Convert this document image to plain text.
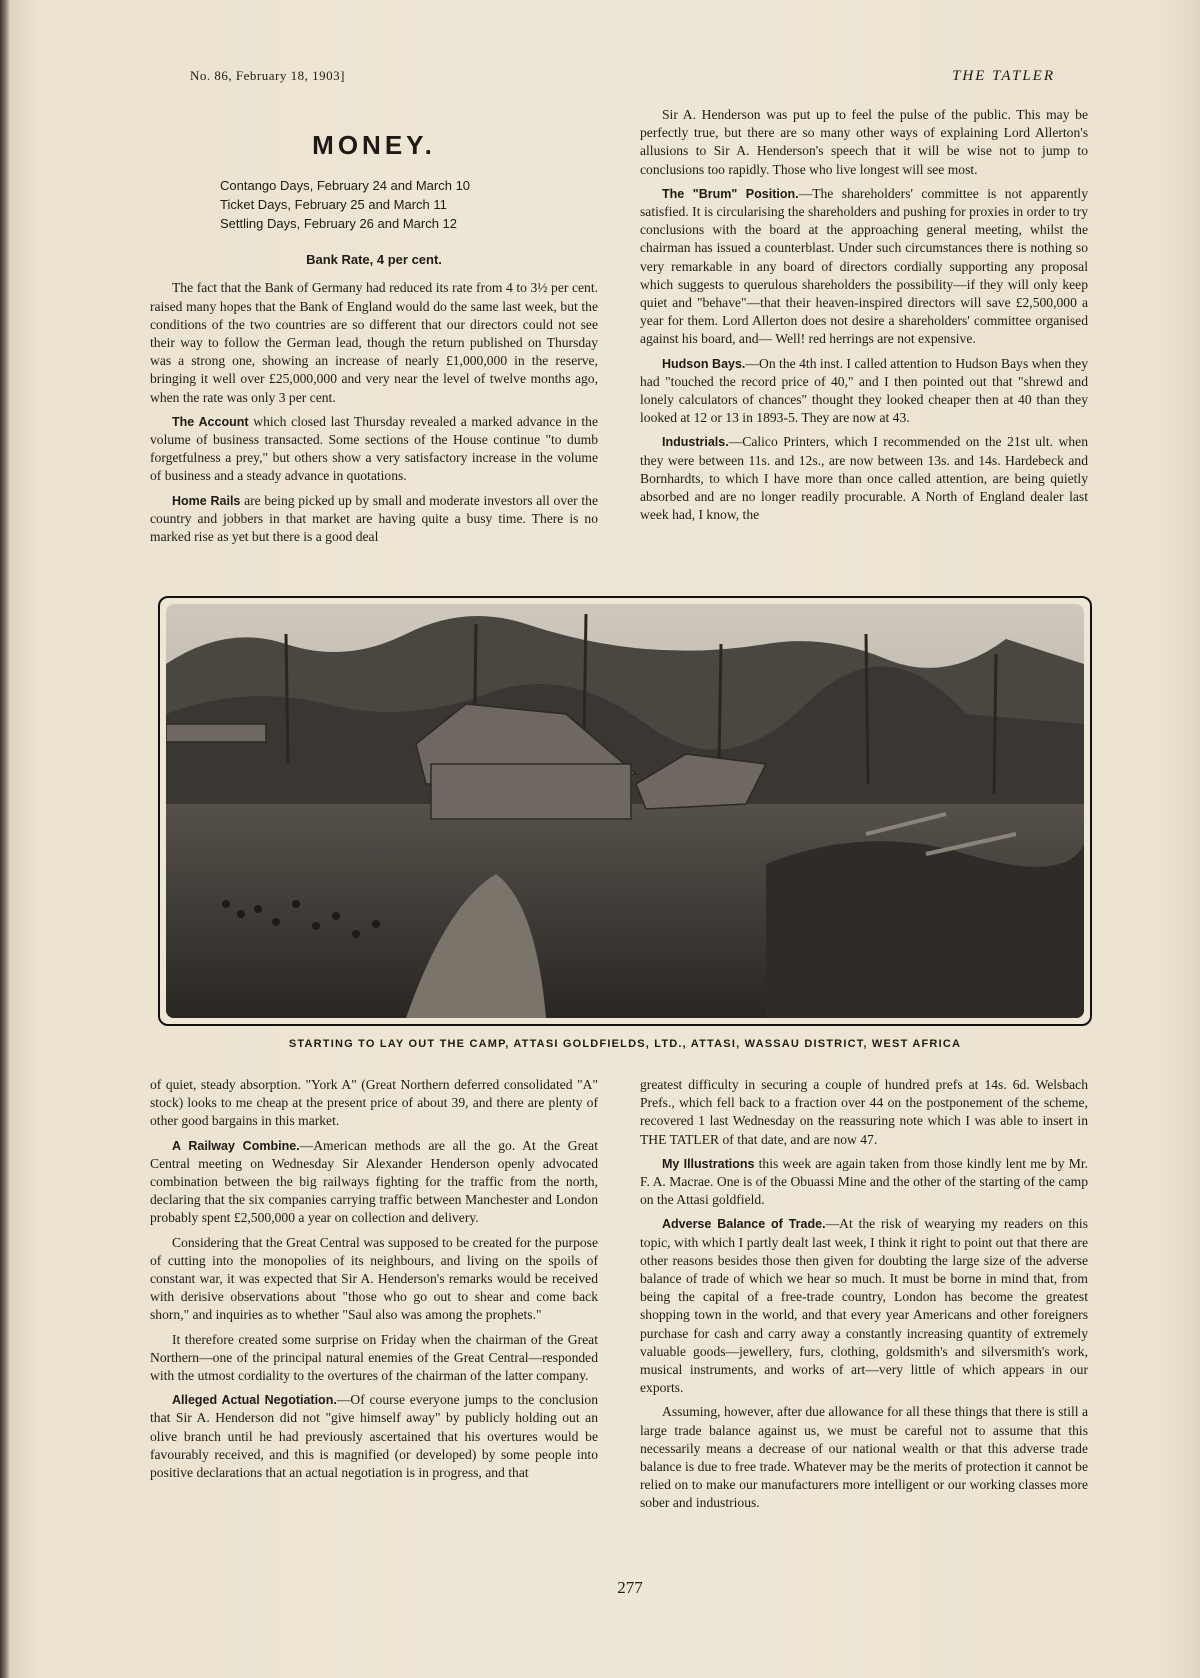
No. 86, February 18, 1903]	THE TATLER
MONEY.
Contango Days, February 24 and March 10
Ticket Days, February 25 and March 11
Settling Days, February 26 and March 12
Bank Rate, 4 per cent.

The fact that the Bank of Germany had reduced its rate from 4 to 3½ per cent. raised many hopes that the Bank of England would do the same last week, but the conditions of the two countries are so different that our directors could not see their way to follow the German lead, though the return published on Thursday was a strong one, showing an increase of nearly £1,000,000 in the reserve, bringing it well over £25,000,000 and very near the level of twelve months ago, when the rate was only 3 per cent.

The Account which closed last Thursday revealed a marked advance in the volume of business transacted. Some sections of the House continue "to dumb forgetfulness a prey," but others show a very satisfactory increase in the volume of business and a steady advance in quotations.

Home Rails are being picked up by small and moderate investors all over the country and jobbers in that market are having quite a busy time. There is no marked rise as yet but there is a good deal

Sir A. Henderson was put up to feel the pulse of the public. This may be perfectly true, but there are so many other ways of explaining Lord Allerton's allusions to Sir A. Henderson's speech that it will be wise not to jump to conclusions too rapidly. Those who live longest will see most.

The "Brum" Position.—The shareholders' committee is not apparently satisfied. It is circularising the shareholders and pushing for proxies in order to try conclusions with the board at the approaching general meeting, whilst the chairman has issued a counterblast. Under such circumstances there is nothing so very remarkable in any board of directors cordially supporting any proposal which suggests to querulous shareholders the possibility—if they will only keep quiet and "behave"—that their heaven-inspired directors will save £2,500,000 a year for them. Lord Allerton does not desire a shareholders' committee organised against his board, and— Well! red herrings are not expensive.

Hudson Bays.—On the 4th inst. I called attention to Hudson Bays when they had "touched the record price of 40," and I then pointed out that "shrewd and lonely calculators of chances" thought they looked cheaper then at 40 than they looked at 12 or 13 in 1893-5. They are now at 43.

Industrials.—Calico Printers, which I recommended on the 21st ult. when they were between 11s. and 12s., are now between 13s. and 14s. Hardebeck and Bornhardts, to which I have more than once called attention, are being quietly absorbed and are no longer readily procurable. A North of England dealer last week had, I know, the

STARTING TO LAY OUT THE CAMP, ATTASI GOLDFIELDS, LTD., ATTASI, WASSAU DISTRICT, WEST AFRICA

of quiet, steady absorption. "York A" (Great Northern deferred consolidated "A" stock) looks to me cheap at the present price of about 39, and there are plenty of other good bargains in this market.

A Railway Combine.—American methods are all the go. At the Great Central meeting on Wednesday Sir Alexander Henderson openly advocated combination between the big railways fighting for the traffic from the north, declaring that the six companies carrying traffic between Manchester and London probably spent £2,500,000 a year on collection and delivery.

Considering that the Great Central was supposed to be created for the purpose of cutting into the monopolies of its neighbours, and living on the spoils of constant war, it was expected that Sir A. Henderson's remarks would be received with derisive observations about "those who go out to shear and come back shorn," and inquiries as to whether "Saul also was among the prophets."

It therefore created some surprise on Friday when the chairman of the Great Northern—one of the principal natural enemies of the Great Central—responded with the utmost cordiality to the overtures of the chairman of the latter company.

Alleged Actual Negotiation.—Of course everyone jumps to the conclusion that Sir A. Henderson did not "give himself away" by publicly holding out an olive branch until he had previously ascertained that his overtures would be favourably received, and this is magnified (or developed) by some people into positive declarations that an actual negotiation is in progress, and that

greatest difficulty in securing a couple of hundred prefs at 14s. 6d. Welsbach Prefs., which fell back to a fraction over 44 on the postponement of the scheme, recovered 1 last Wednesday on the reassuring note which I was able to insert in THE TATLER of that date, and are now 47.

My Illustrations this week are again taken from those kindly lent me by Mr. F. A. Macrae. One is of the Obuassi Mine and the other of the starting of the camp on the Attasi goldfield.

Adverse Balance of Trade.—At the risk of wearying my readers on this topic, with which I partly dealt last week, I think it right to point out that there are other reasons besides those then given for doubting the large size of the adverse balance of trade of which we hear so much. It must be borne in mind that, from being the capital of a free-trade country, London has become the greatest shopping town in the world, and that every year Americans and other foreigners purchase for cash and carry away a constantly increasing quantity of extremely valuable goods—jewellery, furs, clothing, goldsmith's and silversmith's work, musical instruments, and works of art—very little of which appears in our exports.

Assuming, however, after due allowance for all these things that there is still a large trade balance against us, we must be careful not to assume that this necessarily means a decrease of our national wealth or that this adverse trade balance is due to free trade. Whatever may be the merits of protection it cannot be relied on to make our manufacturers more intelligent or our working classes more sober and industrious.

277
